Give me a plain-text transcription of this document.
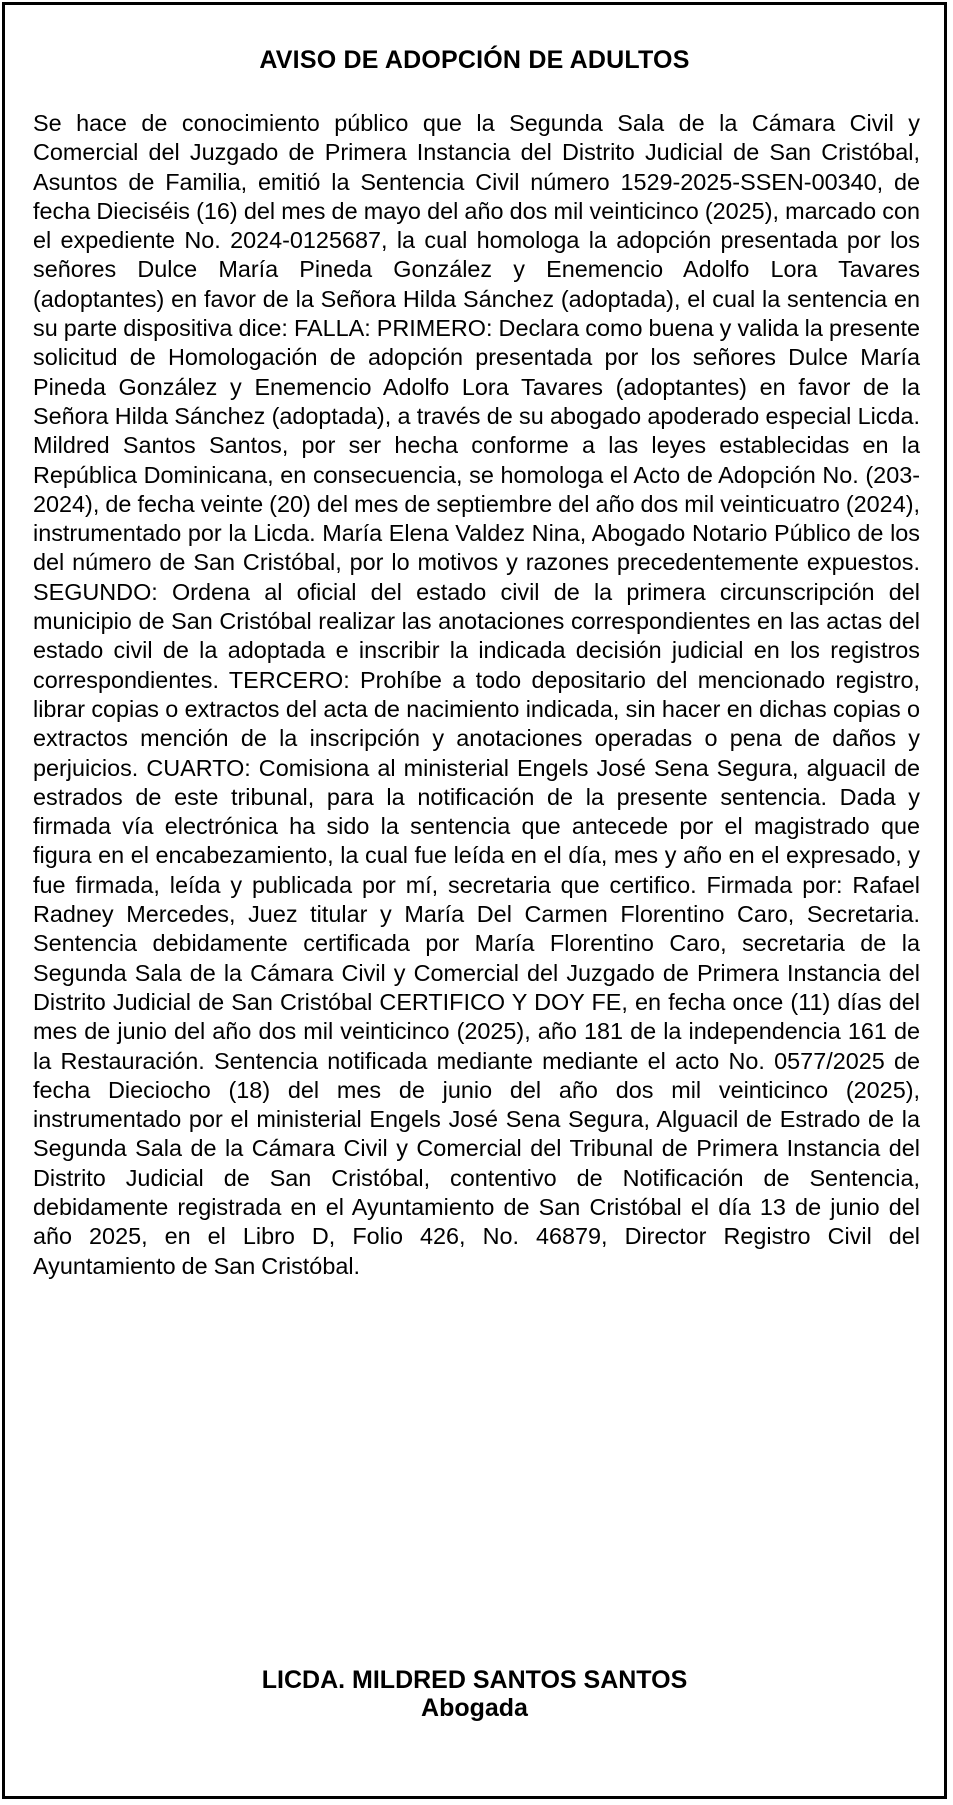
AVISO DE ADOPCIÓN DE ADULTOS

Se hace de conocimiento público que la Segunda Sala de la Cámara Civil y Comercial del Juzgado de Primera Instancia del Distrito Judicial de San Cristóbal, Asuntos de Familia, emitió la Sentencia Civil número 1529-2025-SSEN-00340, de fecha Dieciséis (16) del mes de mayo del año dos mil veinticinco (2025), marcado con el expediente No. 2024-0125687, la cual homologa la adopción presentada por los señores Dulce María Pineda González y Enemencio Adolfo Lora Tavares (adoptantes) en favor de la Señora Hilda Sánchez (adoptada), el cual la sentencia en su parte dispositiva dice: FALLA: PRIMERO: Declara como buena y valida la presente solicitud de Homologación de adopción presentada por los señores Dulce María Pineda González y Enemencio Adolfo Lora Tavares (adoptantes) en favor de la Señora Hilda Sánchez (adoptada), a través de su abogado apoderado especial Licda. Mildred Santos Santos, por ser hecha conforme a las leyes establecidas en la República Dominicana, en consecuencia, se homologa el Acto de Adopción No. (203-2024), de fecha veinte (20) del mes de septiembre del año dos mil veinticuatro (2024), instrumentado por la Licda. María Elena Valdez Nina, Abogado Notario Público de los del número de San Cristóbal, por lo motivos y razones precedentemente expuestos. SEGUNDO: Ordena al oficial del estado civil de la primera circunscripción del municipio de San Cristóbal realizar las anotaciones correspondientes en las actas del estado civil de la adoptada e inscribir la indicada decisión judicial en los registros correspondientes. TERCERO: Prohíbe a todo depositario del mencionado registro, librar copias o extractos del acta de nacimiento indicada, sin hacer en dichas copias o extractos mención de la inscripción y anotaciones operadas o pena de daños y perjuicios. CUARTO: Comisiona al ministerial Engels José Sena Segura, alguacil de estrados de este tribunal, para la notificación de la presente sentencia. Dada y firmada vía electrónica ha sido la sentencia que antecede por el magistrado que figura en el encabezamiento, la cual fue leída en el día, mes y año en el expresado, y fue firmada, leída y publicada por mí, secretaria que certifico. Firmada por: Rafael Radney Mercedes, Juez titular y María Del Carmen Florentino Caro, Secretaria. Sentencia debidamente certificada por María Florentino Caro, secretaria de la Segunda Sala de la Cámara Civil y Comercial del Juzgado de Primera Instancia del Distrito Judicial de San Cristóbal CERTIFICO Y DOY FE, en fecha once (11) días del mes de junio del año dos mil veinticinco (2025), año 181 de la independencia 161 de la Restauración. Sentencia notificada mediante mediante el acto No. 0577/2025 de fecha Dieciocho (18) del mes de junio del año dos mil veinticinco (2025), instrumentado por el ministerial Engels José Sena Segura, Alguacil de Estrado de la Segunda Sala de la Cámara Civil y Comercial del Tribunal de Primera Instancia del Distrito Judicial de San Cristóbal, contentivo de Notificación de Sentencia, debidamente registrada en el Ayuntamiento de San Cristóbal el día 13 de junio del año 2025, en el Libro D, Folio 426, No. 46879, Director Registro Civil del Ayuntamiento de San Cristóbal.

LICDA. MILDRED SANTOS SANTOS
Abogada
